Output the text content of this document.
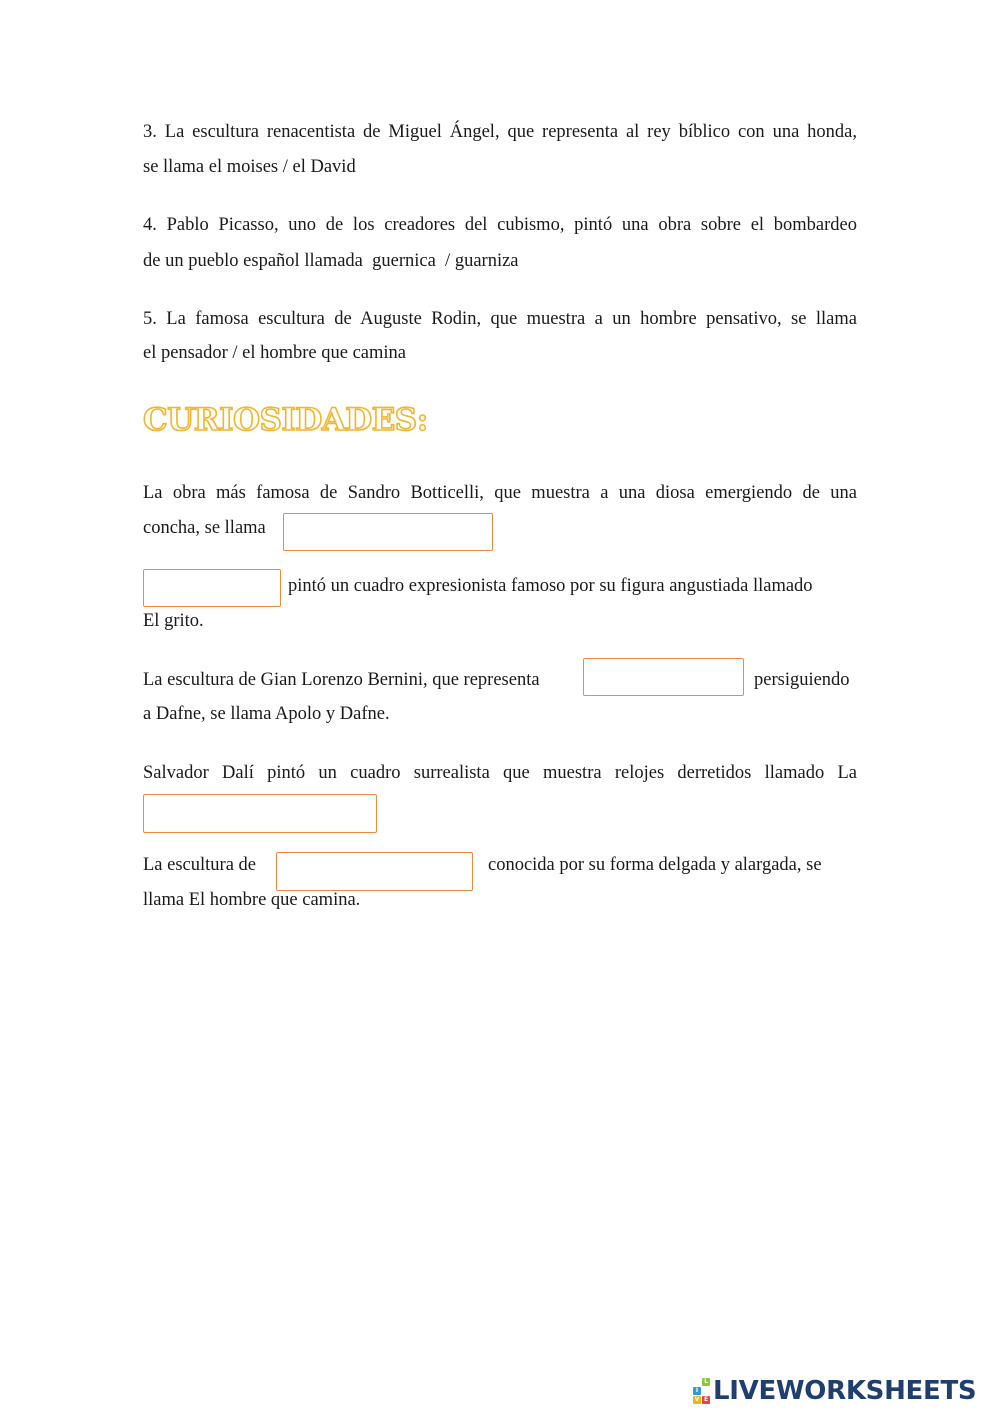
3. La escultura renacentista de Miguel Ángel, que representa al rey bíblico con una honda,
se llama el moises / el David
4. Pablo Picasso, uno de los creadores del cubismo, pintó una obra sobre el bombardeo
de un pueblo español llamada  guernica  / guarniza
5. La famosa escultura de Auguste Rodin, que muestra a un hombre pensativo, se llama
el pensador / el hombre que camina
CURIOSIDADES:
La obra más famosa de Sandro Botticelli, que muestra a una diosa emergiendo de una
concha, se llama
pintó un cuadro expresionista famoso por su figura angustiada llamado
El grito.
La escultura de Gian Lorenzo Bernini, que representa	persiguiendo
a Dafne, se llama Apolo y Dafne.
Salvador Dalí pintó un cuadro surrealista que muestra relojes derretidos llamado La
La escultura de	conocida por su forma delgada y alargada, se
llama El hombre que camina.
L
I
V E LIVEWORKSHEETS
